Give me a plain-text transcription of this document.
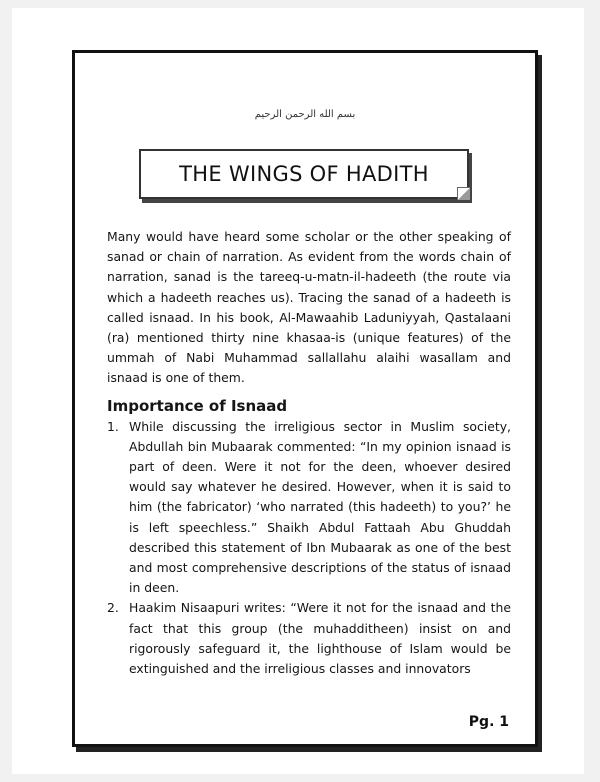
بسم الله الرحمن الرحيم
THE WINGS OF HADITH

Many would have heard some scholar or the other speaking of sanad or chain of narration. As evident from the words chain of narration, sanad is the tareeq-u-matn-il-hadeeth (the route via which a hadeeth reaches us). Tracing the sanad of a hadeeth is called isnaad. In his book, Al-Mawaahib Laduniyyah, Qastalaani (ra) mentioned thirty nine khasaa-is (unique features) of the ummah of Nabi Muhammad sallallahu alaihi wasallam and isnaad is one of them.

Importance of Isnaad
1. While discussing the irreligious sector in Muslim society, Abdullah bin Mubaarak commented: “In my opinion isnaad is part of deen. Were it not for the deen, whoever desired would say whatever he desired. However, when it is said to him (the fabricator) ‘who narrated (this hadeeth) to you?’ he is left speechless.” Shaikh Abdul Fattaah Abu Ghuddah described this statement of Ibn Mubaarak as one of the best and most comprehensive descriptions of the status of isnaad in deen.
2. Haakim Nisaapuri writes: “Were it not for the isnaad and the fact that this group (the muhadditheen) insist on and rigorously safeguard it, the lighthouse of Islam would be extinguished and the irreligious classes and innovators
Pg. 1
